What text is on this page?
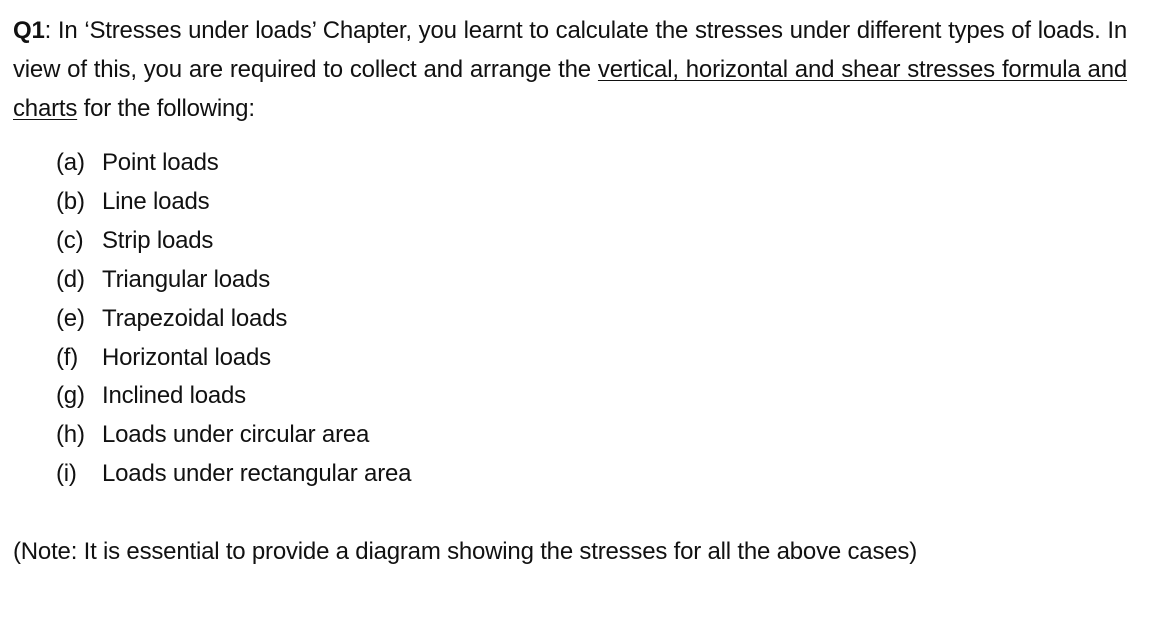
Q1: In ‘Stresses under loads’ Chapter, you learnt to calculate the stresses under different types of loads. In view of this, you are required to collect and arrange the vertical, horizontal and shear stresses formula and charts for the following:
(a) Point loads
(b) Line loads
(c) Strip loads
(d) Triangular loads
(e) Trapezoidal loads
(f) Horizontal loads
(g) Inclined loads
(h) Loads under circular area
(i)	Loads under rectangular area
(Note: It is essential to provide a diagram showing the stresses for all the above cases)
